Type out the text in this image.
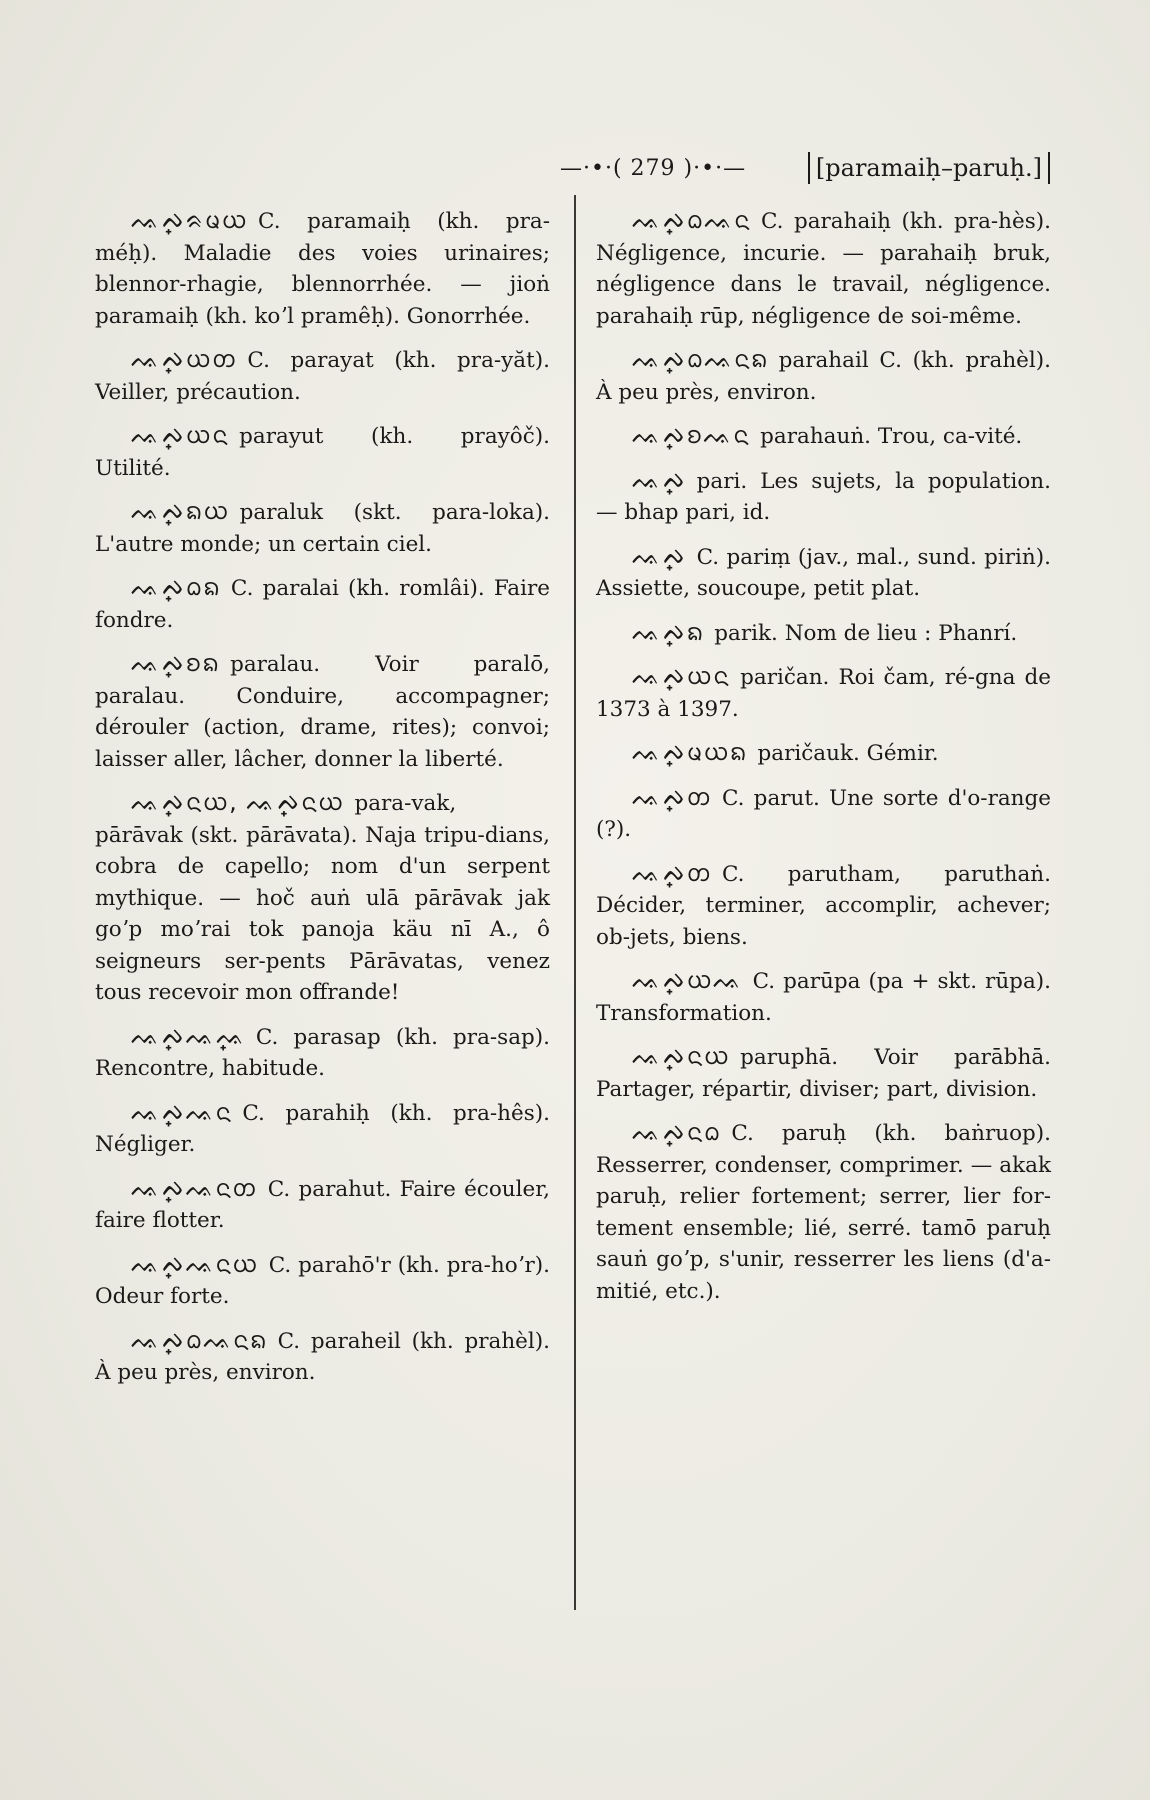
—·•·( 279 )·•·—	[paramaiḥ–paruḥ.]

ᨕ᩠ᨄᨑᨾᨿ C. paramaiḥ (kh. pra-méḥ). Maladie des voies urinaires; blennor-rhagie, blennorrhée. — jioṅ paramaiḥ (kh. koʼl pramêḥ). Gonorrhée.

ᨕ᩠ᨄᨿᨲ C. parayat (kh. pra-yăt). Veiller, précaution.

ᨕ᩠ᨄᨿᨶ parayut (kh. prayôč). Utilité.

ᨕ᩠ᨄᨦᨿ paraluk (skt. para-loka). L'autre monde; un certain ciel.

ᨕ᩠ᨄᨵᨦ C. paralai (kh. romlâi). Faire fondre.

ᨕ᩠ᨄᨧᨦ paralau. Voir paralō, paralau. Conduire, accompagner; dérouler (action, drame, rites); convoi; laisser aller, lâcher, donner la liberté.

ᨕ᩠ᨄᨶᨿ, ᨕ᩠ᨄᨶᨿ para-vak, pārāvak (skt. pārāvata). Naja tripu-dians, cobra de capello; nom d'un serpent mythique. — hoč auṅ ulā pārāvak jak goʼp moʼrai tok panoja käu nī A., ô seigneurs ser-pents Pārāvatas, venez tous recevoir mon offrande!

ᨕ᩠ᨄᨕ᩠ᨕ C. parasap (kh. pra-sap). Rencontre, habitude.

ᨕ᩠ᨄᨕᨶ C. parahiḥ (kh. pra-hês). Négliger.

ᨕ᩠ᨄᨕᨶᨲ C. parahut. Faire écouler, faire flotter.

ᨕ᩠ᨄᨕᨶᨿ C. parahō'r (kh. pra-hoʼr). Odeur forte.

ᨕ᩠ᨄᨵᨕᨶᨦ C. paraheil (kh. prahèl). À peu près, environ.

ᨕ᩠ᨄᨵᨕᨶ C. parahaiḥ (kh. pra-hès). Négligence, incurie. — parahaiḥ bruk, négligence dans le travail, négligence. parahaiḥ rūp, négligence de soi-même.

ᨕ᩠ᨄᨵᨕᨶᨦ parahail C. (kh. prahèl). À peu près, environ.

ᨕ᩠ᨄᨧᨕᨶ parahauṅ. Trou, ca-vité.

ᨕ᩠ᨄ pari. Les sujets, la population. — bhap pari, id.

ᨕ᩠ᨄ C. pariṃ (jav., mal., sund. piriṅ). Assiette, soucoupe, petit plat.

ᨕ᩠ᨄᨦ parik. Nom de lieu : Phanrí.

ᨕ᩠ᨄᨿᨶ paričan. Roi čam, ré-gna de 1373 à 1397.

ᨕ᩠ᨄᨾᨿᨦ paričauk. Gémir.

ᨕ᩠ᨄᨲ C. parut. Une sorte d'o-range (?).

ᨕ᩠ᨄᨲ C. parutham, paruthaṅ. Décider, terminer, accomplir, achever; ob-jets, biens.

ᨕ᩠ᨄᨿᨕ C. parūpa (pa + skt. rūpa). Transformation.

ᨕ᩠ᨄᨶᨿ paruphā. Voir parābhā. Partager, répartir, diviser; part, division.

ᨕ᩠ᨄᨶᨵ C. paruḥ (kh. baṅruop). Resserrer, condenser, comprimer. — akak paruḥ, relier fortement; serrer, lier for-tement ensemble; lié, serré. tamō paruḥ sauṅ goʼp, s'unir, resserrer les liens (d'a-mitié, etc.).
